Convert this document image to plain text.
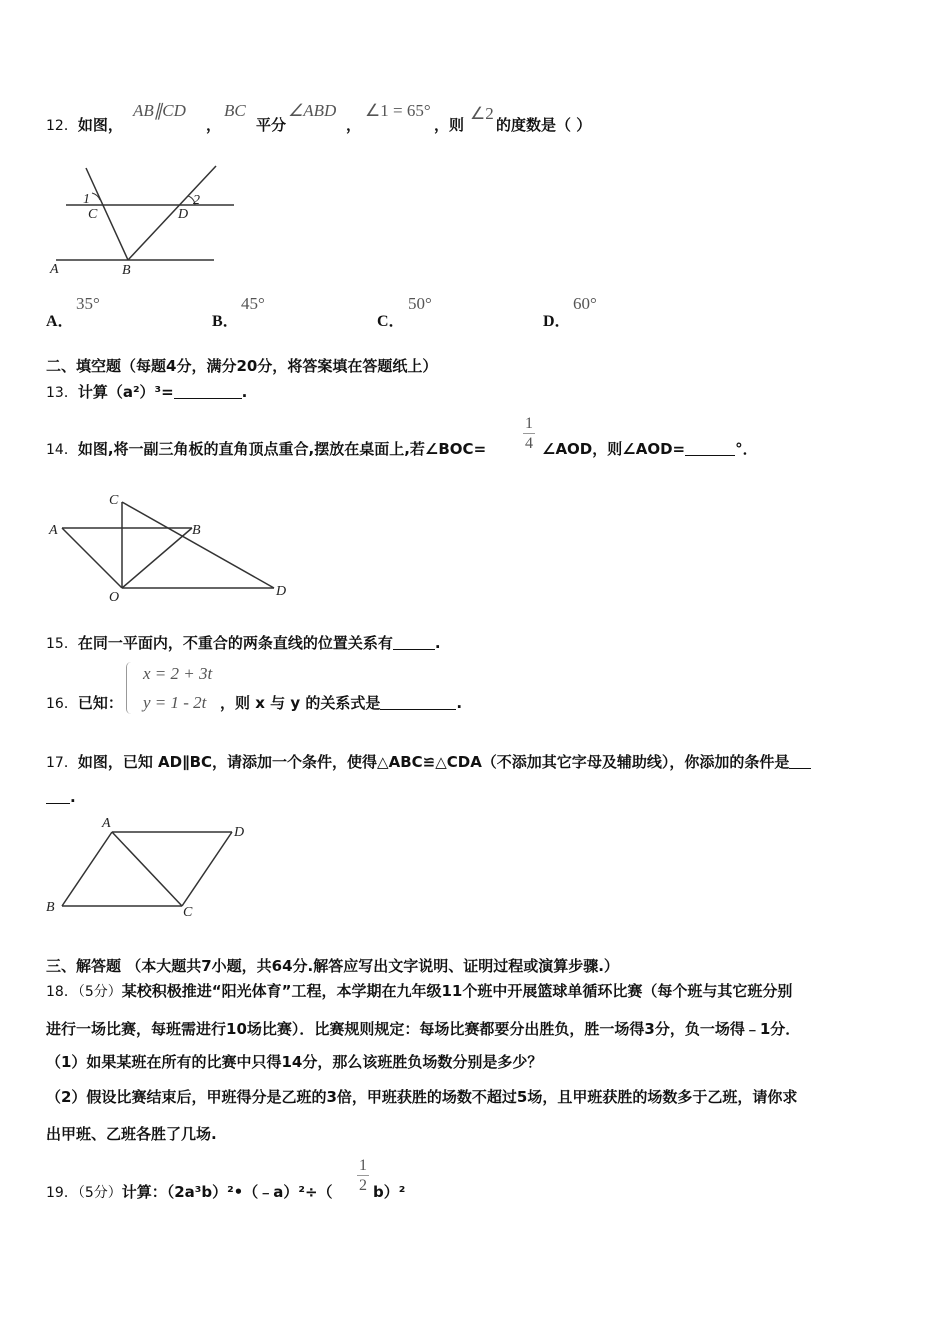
12．如图，
AB∥CD
，
BC
平分
∠ABD
，
∠1 = 65°
，则
∠2
的度数是（ ）
1	2
C	D
A	B
A．
35°
B．
45°
C．
50°
D．
60°
二、填空题（每题4分，满分20分，将答案填在答题纸上）
13．计算（a²）³=	.
14．如图,将一副三角板的直角顶点重合,摆放在桌面上,若∠BOC= $\frac{1}{4}$ ∠AOD，则∠AOD=	°．
A	B
C
D
O
15．在同一平面内，不重合的两条直线的位置关系有	.
16．已知：
x = 2 + 3t
y = 1 - 2t ，则 x 与 y 的关系式是	.
17．如图，已知 AD∥BC，请添加一个条件，使得△ABC≌△CDA（不添加其它字母及辅助线），你添加的条件是
.
A
D
B	C
三、解答题 （本大题共7小题，共64分.解答应写出文字说明、证明过程或演算步骤.）
18．（5分）某校积极推进“阳光体育”工程，本学期在九年级11个班中开展篮球单循环比赛（每个班与其它班分别
进行一场比赛，每班需进行10场比赛）．比赛规则规定：每场比赛都要分出胜负，胜一场得3分，负一场得﹣1分．
（1）如果某班在所有的比赛中只得14分，那么该班胜负场数分别是多少？
（2）假设比赛结束后，甲班得分是乙班的3倍，甲班获胜的场数不超过5场，且甲班获胜的场数多于乙班，请你求
出甲班、乙班各胜了几场.
19．（5分）计算：（2a³b）²•（﹣a）²÷（ $\frac{1}{2} b)^2$
